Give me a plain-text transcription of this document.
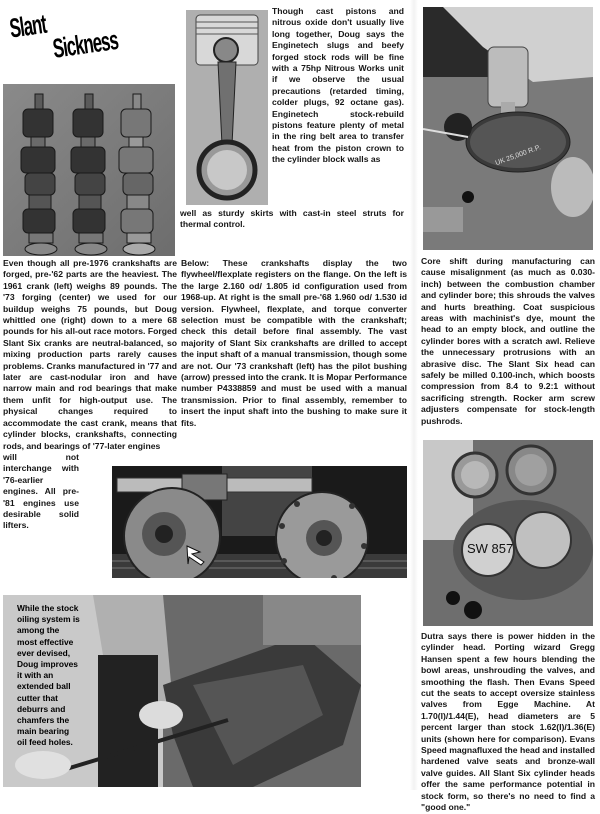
Slant Sickness
Even though all pre-1976 crankshafts are forged, pre-'62 parts are the heaviest. The 1961 crank (left) weighs 89 pounds. The '73 forging (center) we used for our buildup weighs 75 pounds, but Doug whittled one (right) down to a mere 68 pounds for his all-out race motors. Forged Slant Six cranks are neutral-balanced, so mixing production parts rarely causes problems. Cranks manufactured in '77 and later are cast-nodular iron and have narrow main and rod bearings that make them unfit for high-output use. The physical changes required to accommodate the cast crank, means that cylinder blocks, crankshafts, connecting rods, and bearings of '77-later engines
will not interchange with '76-earlier engines. All pre-'81 engines use desirable solid lifters.
Though cast pistons and nitrous oxide don't usually live long together, Doug says the Enginetech slugs and beefy forged stock rods will be fine with a 75hp Nitrous Works unit if we observe the usual precautions (retarded timing, colder plugs, 92 octane gas). Enginetech stock-rebuild pistons feature plenty of metal in the ring belt area to transfer heat from the piston crown to the cylinder block walls as
well as sturdy skirts with cast-in steel struts for thermal control.
Below: These crankshafts display the two flywheel/flexplate registers on the flange. On the left is the large 2.160 od/ 1.805 id configuration used from 1968-up. At right is the small pre-'68 1.960 od/ 1.530 id version. Flywheel, flexplate, and torque converter selection must be compatible with the crankshaft; check this detail before final assembly. The vast majority of Slant Six crankshafts are drilled to accept the input shaft of a manual transmission, though some are not. Our '73 crankshaft (left) has the pilot bushing (arrow) pressed into the crank. It is Mopar Performance number P4338859 and must be used with a manual transmission. Prior to final assembly, remember to insert the input shaft into the bushing to make sure it fits.
While the stock oiling system is among the most effective ever devised, Doug improves it with an extended ball cutter that deburrs and chamfers the main bearing oil feed holes.
UK 25,000 R.P.
Core shift during manufacturing can cause misalignment (as much as 0.030-inch) between the combustion chamber and cylinder bore; this shrouds the valves and hurts breathing. Coat suspicious areas with machinist's dye, mount the head to an empty block, and outline the cylinder bores with a scratch awl. Relieve the unnecessary protrusions with an abrasive disc. The Slant Six head can safely be milled 0.100-inch, which boosts compression from 8.4 to 9.2:1 without sacrificing strength. Rocker arm screw adjusters compensate for stock-length pushrods.
SW 857
Dutra says there is power hidden in the cylinder head. Porting wizard Gregg Hansen spent a few hours blending the bowl areas, unshrouding the valves, and smoothing the flash. Then Evans Speed cut the seats to accept oversize stainless valves from Egge Machine. At 1.70(I)/1.44(E), head diameters are 5 percent larger than stock 1.62(I)/1.36(E) units (shown here for comparison). Evans Speed magnafluxed the head and installed hardened valve seats and bronze-wall valve guides. All Slant Six cylinder heads offer the same performance potential in stock form, so there's no need to find a "good one."
